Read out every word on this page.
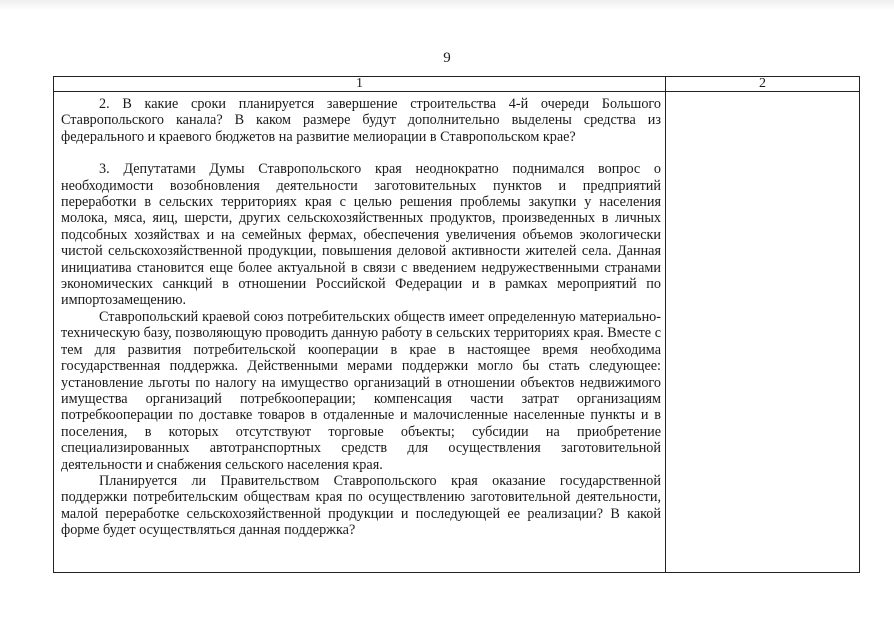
9
1	2

2. В какие сроки планируется завершение строительства 4-й очереди Большого Ставропольского канала? В каком размере будут дополнительно выделены средства из федерального и краевого бюджетов на развитие мелиорации в Ставропольском крае?

3. Депутатами Думы Ставропольского края неоднократно поднимался вопрос о необходимости возобновления деятельности заготовительных пунктов и предприятий переработки в сельских территориях края с целью решения проблемы закупки у населения молока, мяса, яиц, шерсти, других сельскохозяйственных продуктов, произведенных в личных подсобных хозяйствах и на семейных фермах, обеспечения увеличения объемов экологически чистой сельскохозяйственной продукции, повышения деловой активности жителей села. Данная инициатива становится еще более актуальной в связи с введением недружественными странами экономических санкций в отношении Российской Федерации и в рамках мероприятий по импортозамещению.

Ставропольский краевой союз потребительских обществ имеет определенную материально-техническую базу, позволяющую проводить данную работу в сельских территориях края. Вместе с тем для развития потребительской кооперации в крае в настоящее время необходима государственная поддержка. Действенными мерами поддержки могло бы стать следующее: установление льготы по налогу на имущество организаций в отношении объектов недвижимого имущества организаций потребкооперации; компенсация части затрат организациям потребкооперации по доставке товаров в отдаленные и малочисленные населенные пункты и в поселения, в которых отсутствуют торговые объекты; субсидии на приобретение специализированных автотранспортных средств для осуществления заготовительной деятельности и снабжения сельского населения края.

Планируется ли Правительством Ставропольского края оказание государственной поддержки потребительским обществам края по осуществлению заготовительной деятельности, малой переработке сельскохозяйственной продукции и последующей ее реализации? В какой форме будет осуществляться данная поддержка?	
